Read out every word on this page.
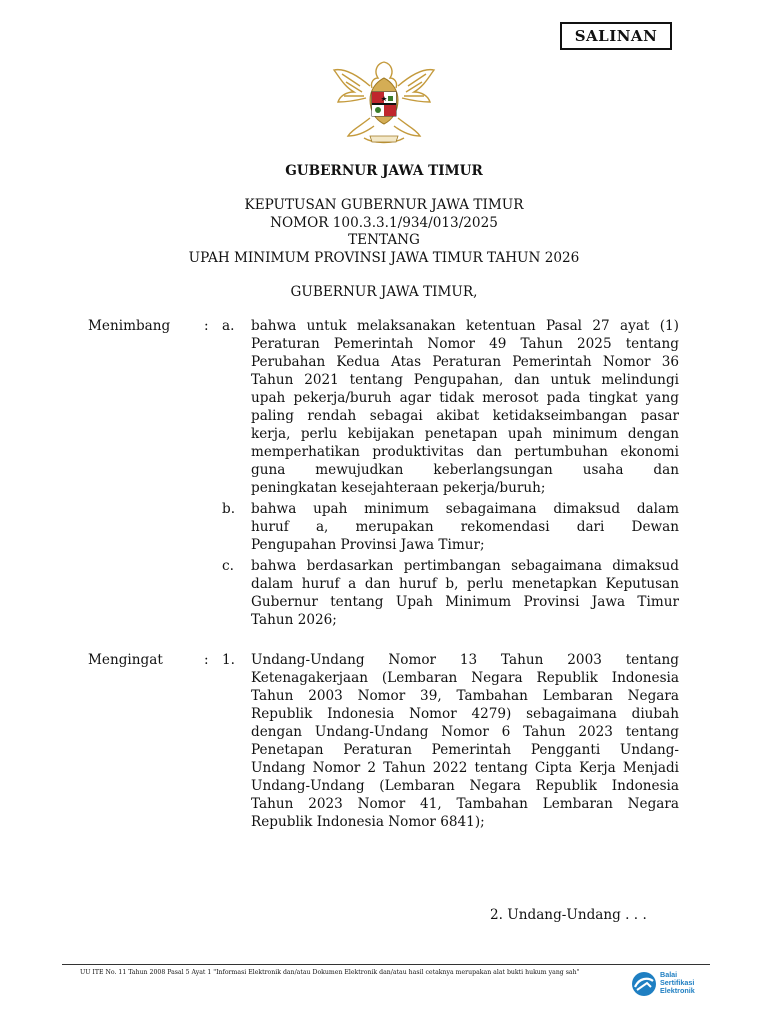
SALINAN
GUBERNUR JAWA TIMUR
KEPUTUSAN GUBERNUR JAWA TIMUR
NOMOR 100.3.3.1/934/013/2025
TENTANG
UPAH MINIMUM PROVINSI JAWA TIMUR TAHUN 2026
GUBERNUR JAWA TIMUR,
Menimbang : a. bahwa untuk melaksanakan ketentuan Pasal 27 ayat (1)
Peraturan Pemerintah Nomor 49 Tahun 2025 tentang
Perubahan Kedua Atas Peraturan Pemerintah Nomor 36
Tahun 2021 tentang Pengupahan, dan untuk melindungi
upah pekerja/buruh agar tidak merosot pada tingkat yang
paling rendah sebagai akibat ketidakseimbangan pasar
kerja, perlu kebijakan penetapan upah minimum dengan
memperhatikan produktivitas dan pertumbuhan ekonomi
guna mewujudkan keberlangsungan usaha dan
peningkatan kesejahteraan pekerja/buruh;
b. bahwa upah minimum sebagaimana dimaksud dalam
huruf a, merupakan rekomendasi dari Dewan
Pengupahan Provinsi Jawa Timur;
c. bahwa berdasarkan pertimbangan sebagaimana dimaksud
dalam huruf a dan huruf b, perlu menetapkan Keputusan
Gubernur tentang Upah Minimum Provinsi Jawa Timur
Tahun 2026;
Mengingat	: 1. Undang-Undang Nomor 13 Tahun 2003 tentang
Ketenagakerjaan (Lembaran Negara Republik Indonesia
Tahun 2003 Nomor 39, Tambahan Lembaran Negara
Republik Indonesia Nomor 4279) sebagaimana diubah
dengan Undang-Undang Nomor 6 Tahun 2023 tentang
Penetapan Peraturan Pemerintah Pengganti Undang-
Undang Nomor 2 Tahun 2022 tentang Cipta Kerja Menjadi
Undang-Undang (Lembaran Negara Republik Indonesia
Tahun 2023 Nomor 41, Tambahan Lembaran Negara
Republik Indonesia Nomor 6841);
2. Undang-Undang . . .
UU ITE No. 11 Tahun 2008 Pasal 5 Ayat 1 "Informasi Elektronik dan/atau Dokumen Elektronik dan/atau hasil cetaknya merupakan alat bukti hukum yang sah"	Balai
Sertifikasi
Elektronik
